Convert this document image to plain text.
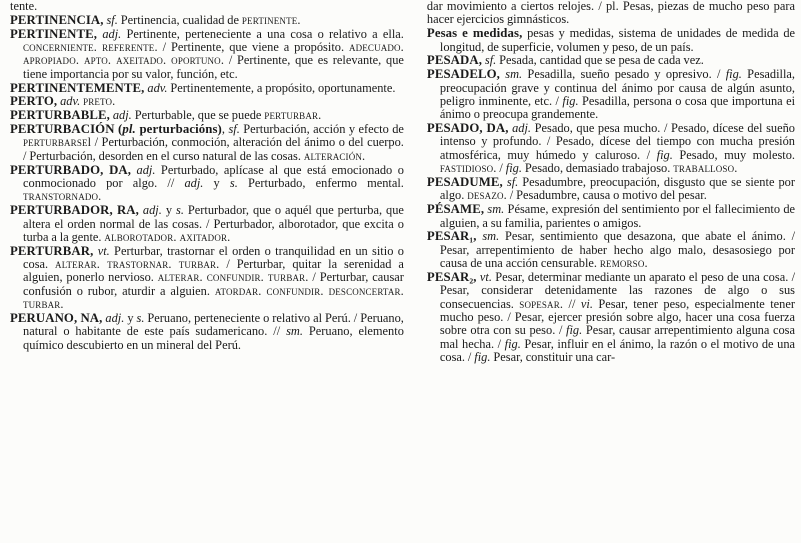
tente.

PERTINENCIA, sf. Pertinencia, cualidad de pertinente.

PERTINENTE, adj. Pertinente, perteneciente a una cosa o relativo a ella. concerniente. referente. / Pertinente, que viene a propósito. adecuado. apropiado. apto. axeitado. oportuno. / Pertinente, que es relevante, que tiene importancia por su valor, función, etc.

PERTINENTEMENTE, adv. Pertinentemente, a propósito, oportunamente.

PERTO, adv. preto.

PERTURBABLE, adj. Perturbable, que se puede perturbar.

PERTURBACIÓN (pl. perturbacións), sf. Perturbación, acción y efecto de perturbarsel / Perturbación, conmoción, alteración del ánimo o del cuerpo. / Perturbación, desorden en el curso natural de las cosas. alteración.

PERTURBADO, DA, adj. Perturbado, aplícase al que está emocionado o conmocionado por algo. // adj. y s. Perturbado, enfermo mental. transtornado.

PERTURBADOR, RA, adj. y s. Perturbador, que o aquél que perturba, que altera el orden normal de las cosas. / Perturbador, alborotador, que excita o turba a la gente. alborotador. axitador.

PERTURBAR, vt. Perturbar, trastornar el orden o tranquilidad en un sitio o cosa. alterar. trastornar. turbar. / Perturbar, quitar la serenidad a alguien, ponerlo nervioso. alterar. confundir. turbar. / Perturbar, causar confusión o rubor, aturdir a alguien. atordar. confundir. desconcertar. turbar.

PERUANO, NA, adj. y s. Peruano, perteneciente o relativo al Perú. / Peruano, natural o habitante de este país sudamericano. // sm. Peruano, elemento químico descubierto en un mineral del Perú.

dar movimiento a ciertos relojes. / pl. Pesas, piezas de mucho peso para hacer ejercicios gimnásticos.

Pesas e medidas, pesas y medidas, sistema de unidades de medida de longitud, de superficie, volumen y peso, de un país.

PESADA, sf. Pesada, cantidad que se pesa de cada vez.

PESADELO, sm. Pesadilla, sueño pesado y opresivo. / fig. Pesadilla, preocupación grave y continua del ánimo por causa de algún asunto, peligro inminente, etc. / fig. Pesadilla, persona o cosa que importuna ei ánimo o preocupa grandemente.

PESADO, DA, adj. Pesado, que pesa mucho. / Pesado, dícese del sueño intenso y profundo. / Pesado, dícese del tiempo con mucha presión atmosférica, muy húmedo y caluroso. / fig. Pesado, muy molesto. fastidioso. / fig. Pesado, demasiado trabajoso. traballoso.

PESADUME, sf. Pesadumbre, preocupación, disgusto que se siente por algo. desazo. / Pesadumbre, causa o motivo del pesar.

PÉSAME, sm. Pésame, expresión del sentimiento por el fallecimiento de alguien, a su familia, parientes o amigos.

PESAR₁, sm. Pesar, sentimiento que desazona, que abate el ánimo. / Pesar, arrepentimiento de haber hecho algo malo, desasosiego por causa de una acción censurable. remorso.

PESAR₂, vt. Pesar, determinar mediante un aparato el peso de una cosa. / Pesar, considerar detenidamente las razones de algo o sus consecuencias. sopesar. // vi. Pesar, tener peso, especialmente tener mucho peso. / Pesar, ejercer presión sobre algo, hacer una cosa fuerza sobre otra con su peso. / fig. Pesar, causar arrepentimiento alguna cosa mal hecha. / fig. Pesar, influir en el ánimo, la razón o el motivo de una cosa. / fig. Pesar, constituir una car-
